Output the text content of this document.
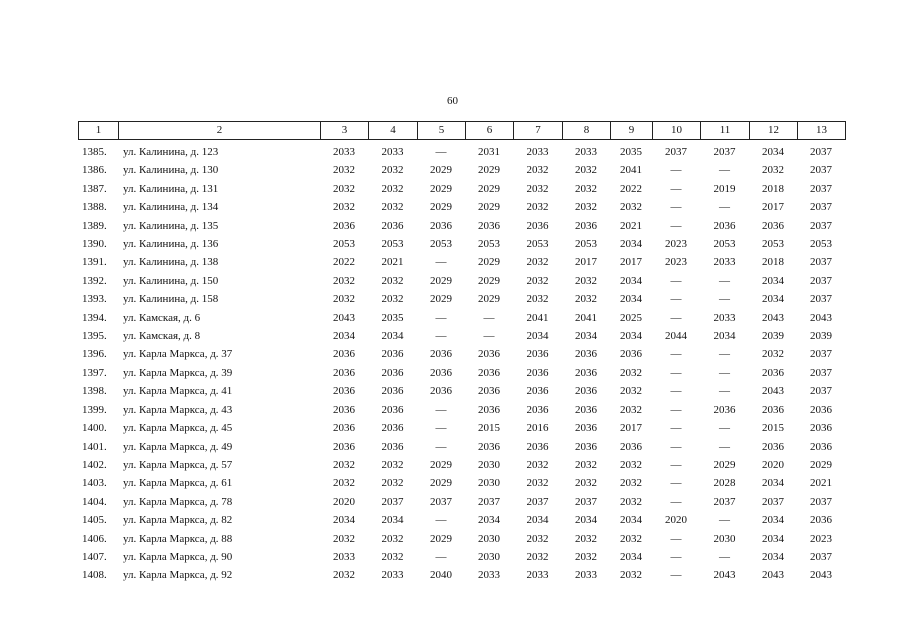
60
1	2	3	4	5	6	7	8	9	10	11	12	13
1385.	ул. Калинина, д. 123	2033	2033	—	2031	2033	2033	2035	2037	2037	2034	2037
1386.	ул. Калинина, д. 130	2032	2032	2029	2029	2032	2032	2041	—	—	2032	2037
1387.	ул. Калинина, д. 131	2032	2032	2029	2029	2032	2032	2022	—	2019	2018	2037
1388.	ул. Калинина, д. 134	2032	2032	2029	2029	2032	2032	2032	—	—	2017	2037
1389.	ул. Калинина, д. 135	2036	2036	2036	2036	2036	2036	2021	—	2036	2036	2037
1390.	ул. Калинина, д. 136	2053	2053	2053	2053	2053	2053	2034	2023	2053	2053	2053
1391.	ул. Калинина, д. 138	2022	2021	—	2029	2032	2017	2017	2023	2033	2018	2037
1392.	ул. Калинина, д. 150	2032	2032	2029	2029	2032	2032	2034	—	—	2034	2037
1393.	ул. Калинина, д. 158	2032	2032	2029	2029	2032	2032	2034	—	—	2034	2037
1394.	ул. Камская, д. 6	2043	2035	—	—	2041	2041	2025	—	2033	2043	2043
1395.	ул. Камская, д. 8	2034	2034	—	—	2034	2034	2034	2044	2034	2039	2039
1396.	ул. Карла Маркса, д. 37	2036	2036	2036	2036	2036	2036	2036	—	—	2032	2037
1397.	ул. Карла Маркса, д. 39	2036	2036	2036	2036	2036	2036	2032	—	—	2036	2037
1398.	ул. Карла Маркса, д. 41	2036	2036	2036	2036	2036	2036	2032	—	—	2043	2037
1399.	ул. Карла Маркса, д. 43	2036	2036	—	2036	2036	2036	2032	—	2036	2036	2036
1400.	ул. Карла Маркса, д. 45	2036	2036	—	2015	2016	2036	2017	—	—	2015	2036
1401.	ул. Карла Маркса, д. 49	2036	2036	—	2036	2036	2036	2036	—	—	2036	2036
1402.	ул. Карла Маркса, д. 57	2032	2032	2029	2030	2032	2032	2032	—	2029	2020	2029
1403.	ул. Карла Маркса, д. 61	2032	2032	2029	2030	2032	2032	2032	—	2028	2034	2021
1404.	ул. Карла Маркса, д. 78	2020	2037	2037	2037	2037	2037	2032	—	2037	2037	2037
1405.	ул. Карла Маркса, д. 82	2034	2034	—	2034	2034	2034	2034	2020	—	2034	2036
1406.	ул. Карла Маркса, д. 88	2032	2032	2029	2030	2032	2032	2032	—	2030	2034	2023
1407.	ул. Карла Маркса, д. 90	2033	2032	—	2030	2032	2032	2034	—	—	2034	2037
1408.	ул. Карла Маркса, д. 92	2032	2033	2040	2033	2033	2033	2032	—	2043	2043	2043
